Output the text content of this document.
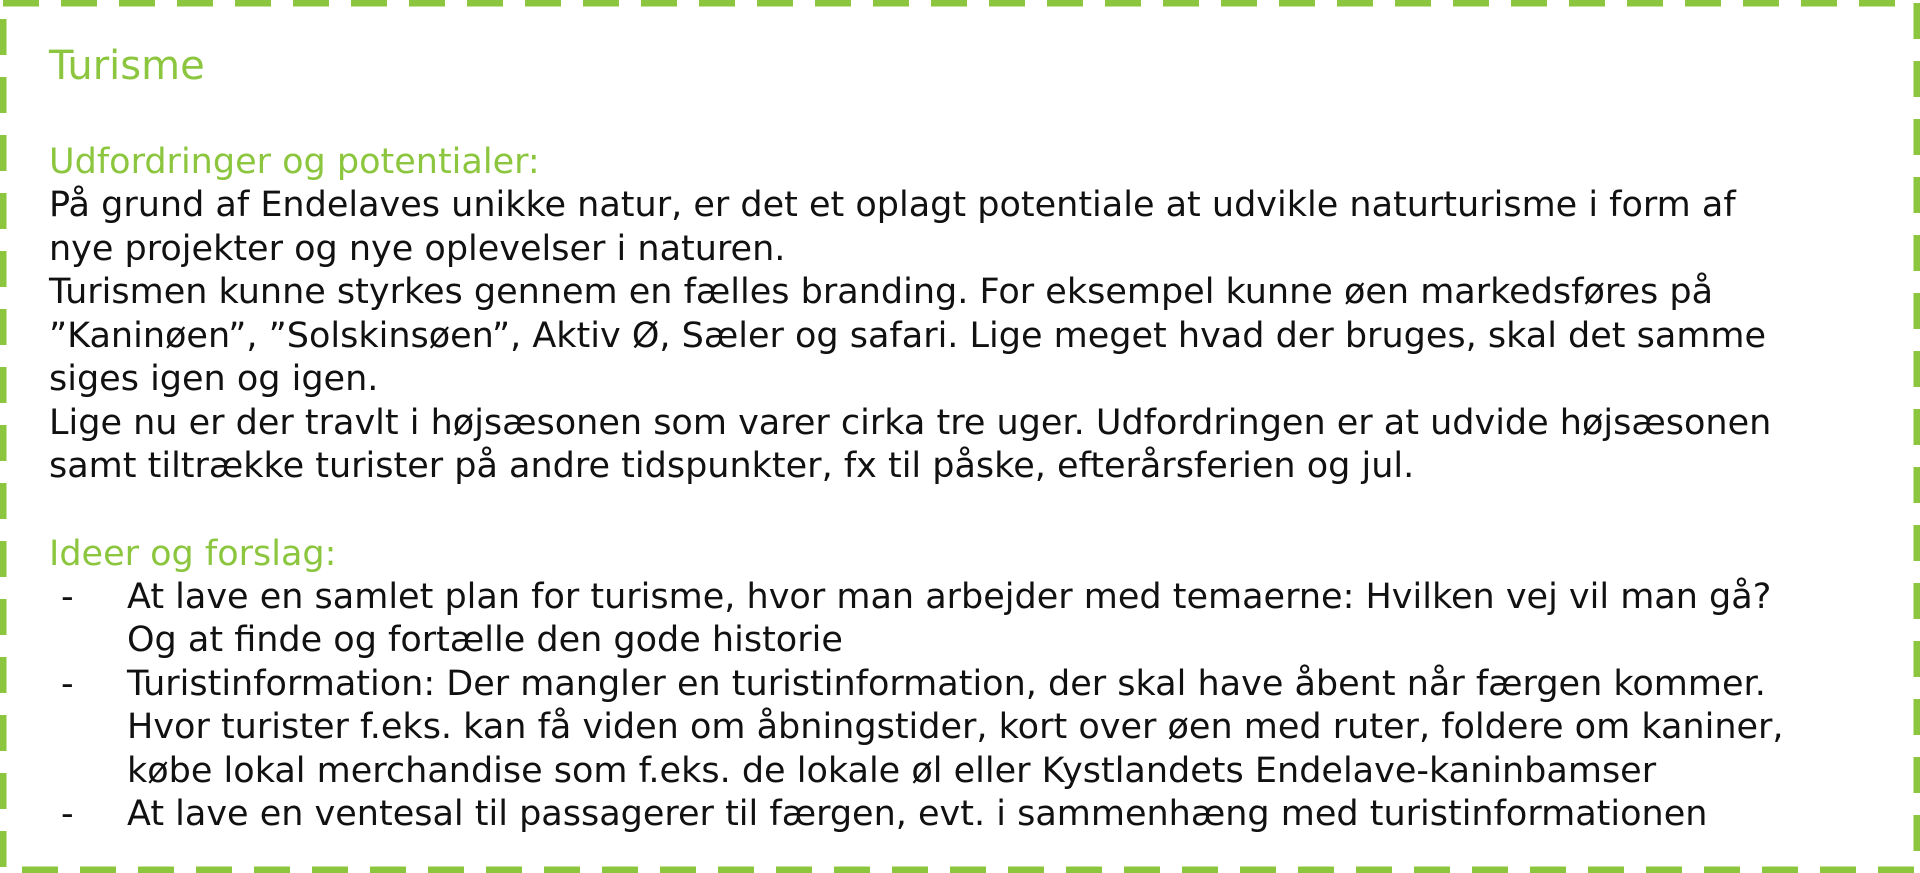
Turisme
Udfordringer og potentialer:

På grund af Endelaves unikke natur, er det et oplagt potentiale at udvikle naturturisme i form af

nye projekter og nye oplevelser i naturen.

Turismen kunne styrkes gennem en fælles branding. For eksempel kunne øen markedsføres på

”Kaninøen”, ”Solskinsøen”, Aktiv Ø, Sæler og safari. Lige meget hvad der bruges, skal det samme

siges igen og igen.

Lige nu er der travlt i højsæsonen som varer cirka tre uger. Udfordringen er at udvide højsæsonen

samt tiltrække turister på andre tidspunkter, fx til påske, efterårsferien og jul.

Ideer og forslag:
- At lave en samlet plan for turisme, hvor man arbejder med temaerne: Hvilken vej vil man gå?
Og at finde og fortælle den gode historie
- Turistinformation: Der mangler en turistinformation, der skal have åbent når færgen kommer.
Hvor turister f.eks. kan få viden om åbningstider, kort over øen med ruter, foldere om kaniner,
købe lokal merchandise som f.eks. de lokale øl eller Kystlandets Endelave-kaninbamser
- At lave en ventesal til passagerer til færgen, evt. i sammenhæng med turistinformationen
